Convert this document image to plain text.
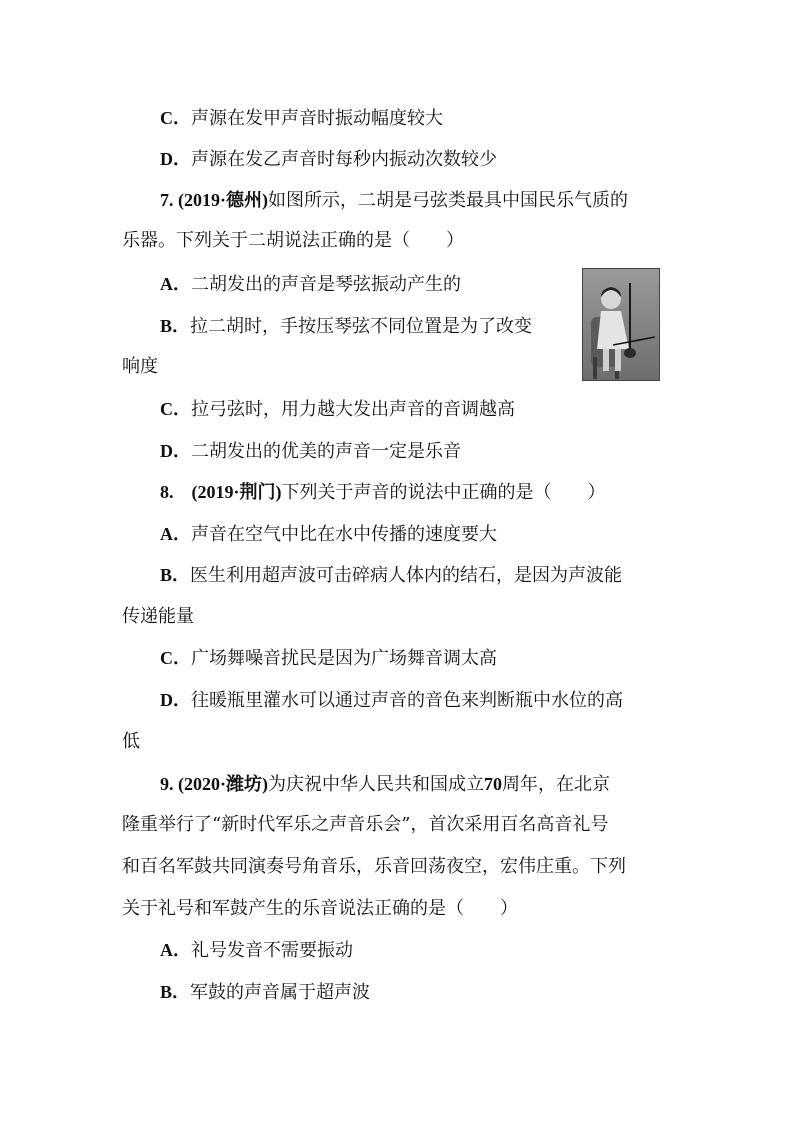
C．声源在发甲声音时振动幅度较大
D．声源在发乙声音时每秒内振动次数较少
7. (2019·德州)如图所示，二胡是弓弦类最具中国民乐气质的
乐器。下列关于二胡说法正确的是（　　）
A．二胡发出的声音是琴弦振动产生的
B．拉二胡时，手按压琴弦不同位置是为了改变
响度
C．拉弓弦时，用力越大发出声音的音调越高
D．二胡发出的优美的声音一定是乐音
8.　(2019·荆门)下列关于声音的说法中正确的是（　　）
A．声音在空气中比在水中传播的速度要大
B．医生利用超声波可击碎病人体内的结石，是因为声波能
传递能量
C．广场舞噪音扰民是因为广场舞音调太高
D．往暖瓶里灌水可以通过声音的音色来判断瓶中水位的高
低
9. (2020·潍坊)为庆祝中华人民共和国成立70周年，在北京
隆重举行了“新时代军乐之声音乐会”，首次采用百名高音礼号
和百名军鼓共同演奏号角音乐，乐音回荡夜空，宏伟庄重。下列
关于礼号和军鼓产生的乐音说法正确的是（　　）
A．礼号发音不需要振动
B．军鼓的声音属于超声波
